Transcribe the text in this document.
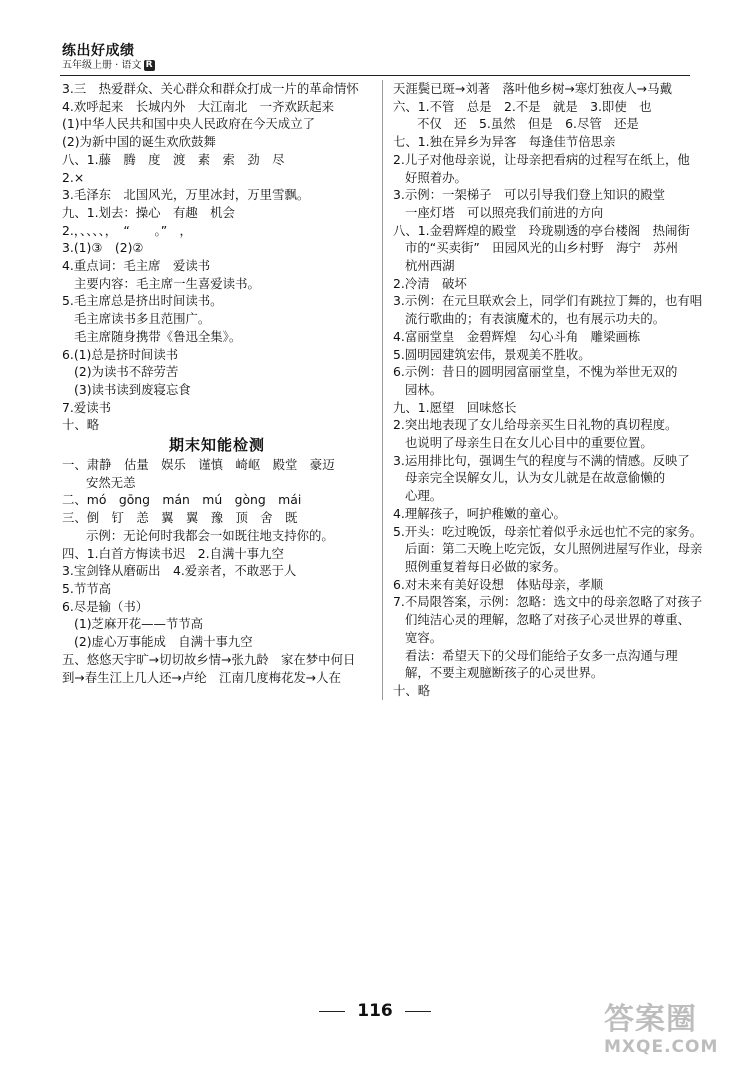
练出好成绩
五年级上册 · 语文 R
3.三　热爱群众、关心群众和群众打成一片的革命情怀
4.欢呼起来　长城内外　大江南北　一齐欢跃起来
(1)中华人民共和国中央人民政府在今天成立了
(2)为新中国的诞生欢欣鼓舞
八、1.藤　腾　度　渡　素　索　劲　尽
2.×
3.毛泽东　北国风光，万里冰封，万里雪飘。
九、1.划去：操心　有趣　机会
2.，、、、、，　“　　。”　，
3.(1)③　(2)②
4.重点词：毛主席　爱读书
主要内容：毛主席一生喜爱读书。
5.毛主席总是挤出时间读书。
毛主席读书多且范围广。
毛主席随身携带《鲁迅全集》。
6.(1)总是挤时间读书
(2)为读书不辞劳苦
(3)读书读到废寝忘食
7.爱读书
十、略
期末知能检测
一、肃静　估量　娱乐　谨慎　崎岖　殿堂　豪迈
安然无恙
二、mó　gōng　mán　mú　gòng　mái
三、倒　钉　恙　翼　翼　豫　顶　舍　既
示例：无论何时我都会一如既往地支持你的。
四、1.白首方悔读书迟　2.自满十事九空
3.宝剑锋从磨砺出　4.爱亲者，不敢恶于人
5.节节高
6.尽是输（书）
(1)芝麻开花——节节高
(2)虚心万事能成　自满十事九空
五、悠悠天宇旷→切切故乡情→张九龄　家在梦中何日
到→春生江上几人还→卢纶　江南几度梅花发→人在
天涯鬓已斑→刘著　落叶他乡树→寒灯独夜人→马戴
六、1.不管　总是　2.不是　就是　3.即使　也
不仅　还　5.虽然　但是　6.尽管　还是
七、1.独在异乡为异客　每逢佳节倍思亲
2.儿子对他母亲说，让母亲把看病的过程写在纸上，他
好照着办。
3.示例：一架梯子　可以引导我们登上知识的殿堂
一座灯塔　可以照亮我们前进的方向
八、1.金碧辉煌的殿堂　玲珑剔透的亭台楼阁　热闹街
市的“买卖街”　田园风光的山乡村野　海宁　苏州
杭州西湖
2.冷清　破坏
3.示例：在元旦联欢会上，同学们有跳拉丁舞的，也有唱
流行歌曲的；有表演魔术的，也有展示功夫的。
4.富丽堂皇　金碧辉煌　勾心斗角　雕梁画栋
5.圆明园建筑宏伟，景观美不胜收。
6.示例：昔日的圆明园富丽堂皇，不愧为举世无双的
园林。
九、1.愿望　回味悠长
2.突出地表现了女儿给母亲买生日礼物的真切程度。
也说明了母亲生日在女儿心目中的重要位置。
3.运用排比句，强调生气的程度与不满的情感。反映了
母亲完全误解女儿，认为女儿就是在故意偷懒的
心理。
4.理解孩子，呵护稚嫩的童心。
5.开头：吃过晚饭，母亲忙着似乎永远也忙不完的家务。
后面：第二天晚上吃完饭，女儿照例进屋写作业，母亲
照例重复着每日必做的家务。
6.对未来有美好设想　体贴母亲，孝顺
7.不局限答案，示例：忽略：选文中的母亲忽略了对孩子
们纯洁心灵的理解，忽略了对孩子心灵世界的尊重、
宽容。
看法：希望天下的父母们能给子女多一点沟通与理
解，不要主观臆断孩子的心灵世界。
十、略
116	答案圈
MXQE.COM
